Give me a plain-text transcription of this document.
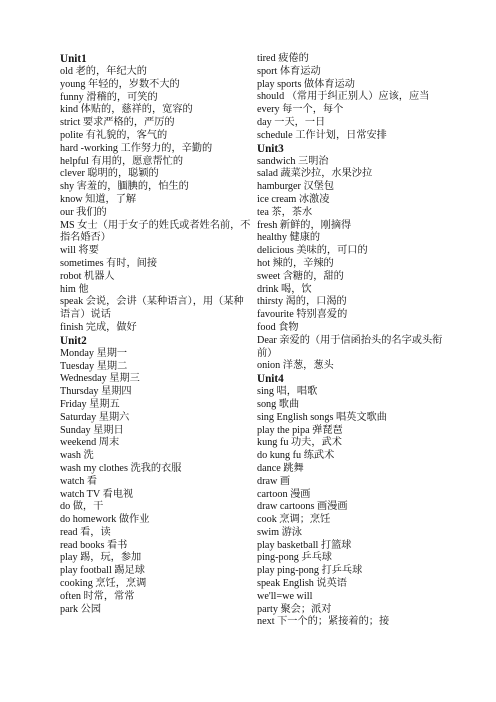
Unit1
old 老的，年纪大的
young 年轻的，岁数不大的
funny 滑稽的，可笑的
kind 体贴的，慈祥的，宽容的
strict 要求严格的，严厉的
polite 有礼貌的，客气的
hard -working 工作努力的，辛勤的
helpful 有用的，愿意帮忙的
clever 聪明的，聪颖的
shy 害羞的，腼腆的，怕生的
know 知道，了解
our 我们的
MS 女士（用于女子的姓氏或者姓名前，不指名婚否）
will 将要
sometimes 有时，间接
robot 机器人
him 他
speak 会说，会讲（某种语言），用（某种语言）说话
finish 完成，做好
Unit2
Monday 星期一
Tuesday 星期二
Wednesday 星期三
Thursday 星期四
Friday 星期五
Saturday 星期六
Sunday 星期日
weekend 周末
wash 洗
wash my clothes 洗我的衣服
watch 看
watch TV 看电视
do 做，干
do homework 做作业
read 看，读
read books 看书
play 踢，玩，参加
play football 踢足球
cooking 烹饪，烹调
often 时常，常常
park 公园
tired 疲倦的
sport 体育运动
play sports 做体育运动
should （常用于纠正别人）应该，应当
every 每一个，每个
day 一天，一日
schedule 工作计划，日常安排
Unit3
sandwich 三明治
salad 蔬菜沙拉，水果沙拉
hamburger 汉堡包
ice cream 冰激凌
tea 茶，茶水
fresh 新鲜的，刚摘得
healthy 健康的
delicious 美味的，可口的
hot 辣的，辛辣的
sweet 含糖的，甜的
drink 喝，饮
thirsty 渴的，口渴的
favourite 特别喜爱的
food 食物
Dear 亲爱的（用于信函抬头的名字或头衔前）
onion 洋葱，葱头
Unit4
sing 唱，唱歌
song 歌曲
sing English songs 唱英文歌曲
play the pipa 弹琵琶
kung fu 功夫，武术
do kung fu 练武术
dance 跳舞
draw 画
cartoon 漫画
draw cartoons 画漫画
cook 烹调；烹饪
swim 游泳
play basketball 打篮球
ping-pong 乒乓球
play ping-pong 打乒乓球
speak English 说英语
we'll=we will
party 聚会；派对
next 下一个的；紧接着的；接
